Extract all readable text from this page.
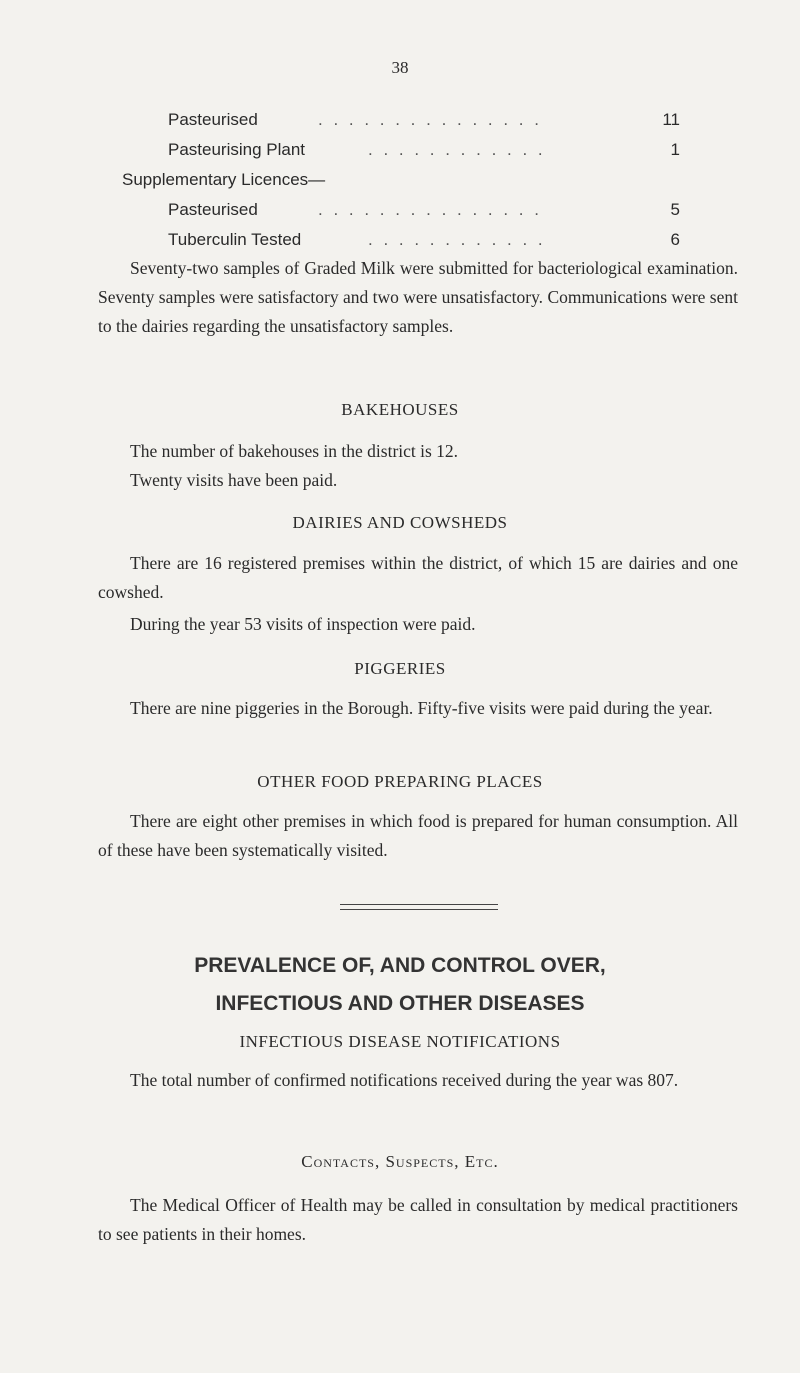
38
Pasteurised	. . . . . . . . . . . . . . .	11
Pasteurising Plant	. . . . . . . . . . . .	1
Supplementary Licences—
Pasteurised	. . . . . . . . . . . . . . .	5
Tuberculin Tested	. . . . . . . . . . . .	6

Seventy-two samples of Graded Milk were submitted for bacteriological examination. Seventy samples were satisfactory and two were unsatisfactory. Communications were sent to the dairies regarding the unsatisfactory samples.

BAKEHOUSES

The number of bakehouses in the district is 12.

Twenty visits have been paid.

DAIRIES AND COWSHEDS

There are 16 registered premises within the district, of which 15 are dairies and one cowshed.

During the year 53 visits of inspection were paid.

PIGGERIES

There are nine piggeries in the Borough. Fifty-five visits were paid during the year.

OTHER FOOD PREPARING PLACES

There are eight other premises in which food is prepared for human consumption. All of these have been systematically visited.

PREVALENCE OF, AND CONTROL OVER,
INFECTIOUS AND OTHER DISEASES
INFECTIOUS DISEASE NOTIFICATIONS

The total number of confirmed notifications received during the year was 807.

Contacts, Suspects, Etc.

The Medical Officer of Health may be called in consultation by medical practitioners to see patients in their homes.
